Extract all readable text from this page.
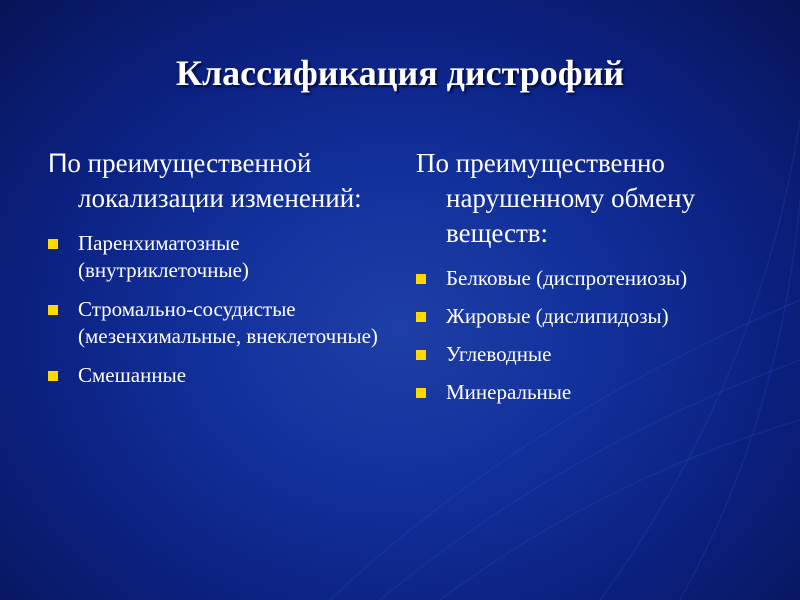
Классификация дистрофий
По преимущественной локализации изменений:
Паренхиматозные (внутриклеточные)
Стромально-сосудистые (мезенхимальные, внеклеточные)
Смешанные
По преимущественно нарушенному обмену веществ:
Белковые (диспротениозы)
Жировые (дислипидозы)
Углеводные
Минеральные
